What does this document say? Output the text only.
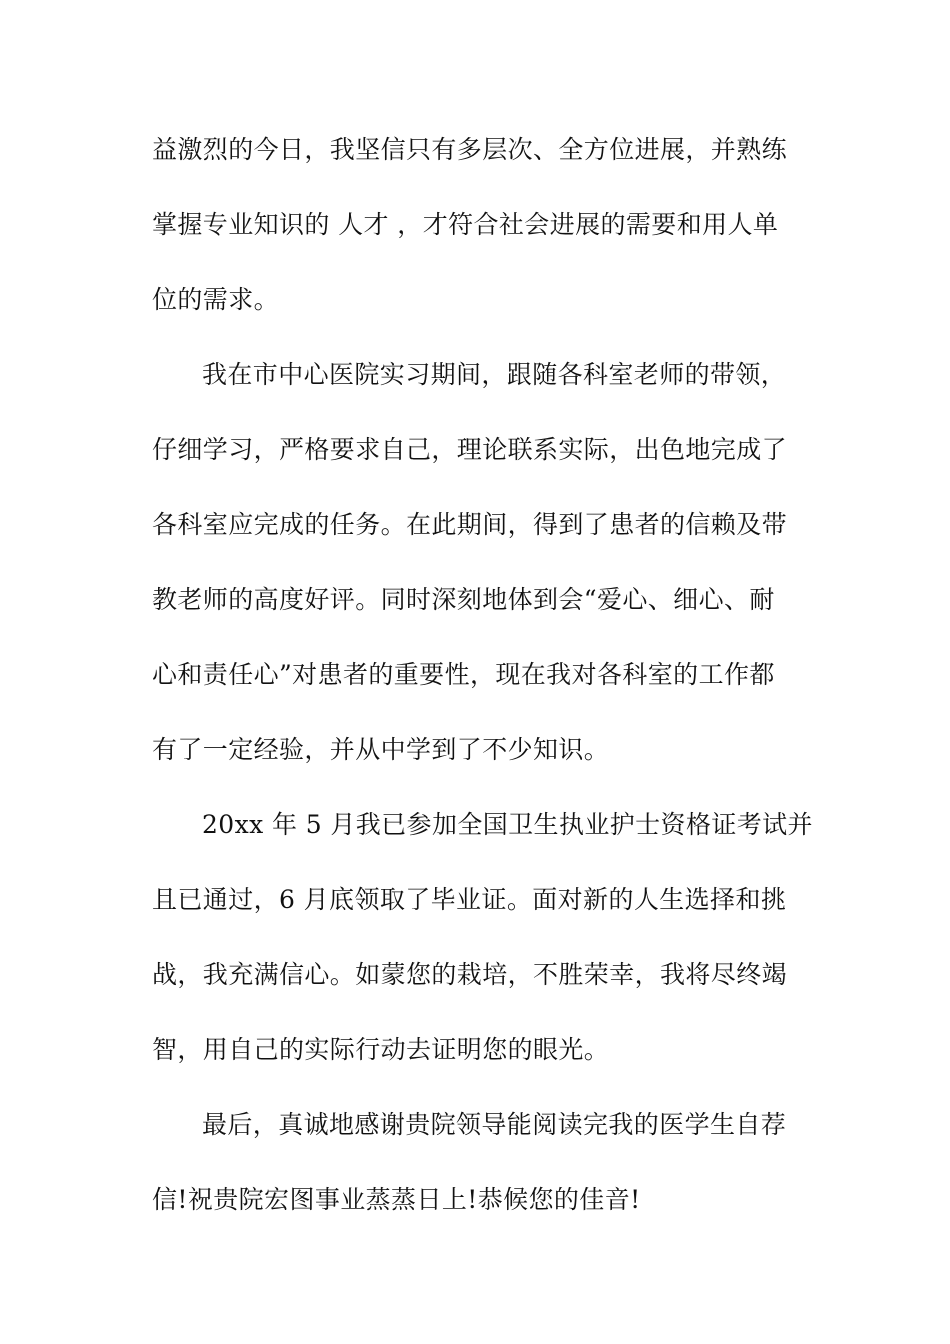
益激烈的今日，我坚信只有多层次、全方位进展，并熟练
掌握专业知识的 人才 ，才符合社会进展的需要和用人单
位的需求。
我在市中心医院实习期间，跟随各科室老师的带领，
仔细学习，严格要求自己，理论联系实际，出色地完成了
各科室应完成的任务。在此期间，得到了患者的信赖及带
教老师的高度好评。同时深刻地体到会“爱心、细心、耐
心和责任心”对患者的重要性，现在我对各科室的工作都
有了一定经验，并从中学到了不少知识。
20xx 年 5 月我已参加全国卫生执业护士资格证考试并
且已通过，6 月底领取了毕业证。面对新的人生选择和挑
战，我充满信心。如蒙您的栽培，不胜荣幸，我将尽终竭
智，用自己的实际行动去证明您的眼光。
最后，真诚地感谢贵院领导能阅读完我的医学生自荐
信!祝贵院宏图事业蒸蒸日上!恭候您的佳音!
